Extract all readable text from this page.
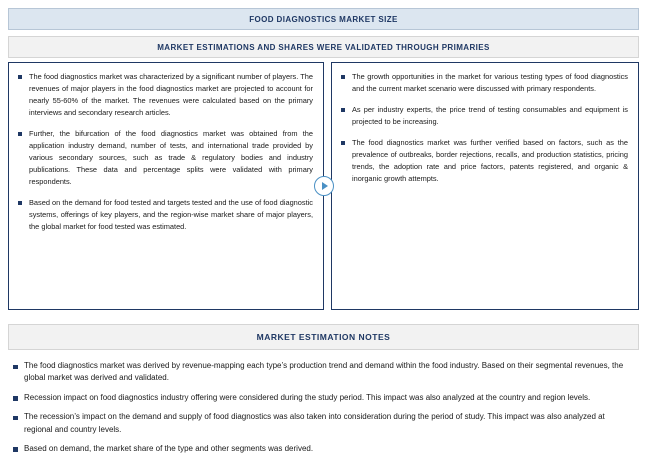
FOOD DIAGNOSTICS MARKET SIZE
MARKET ESTIMATIONS AND SHARES WERE VALIDATED THROUGH PRIMARIES
The food diagnostics market was characterized by a significant number of players. The revenues of major players in the food diagnostics market are projected to account for nearly 55-60% of the market. The revenues were calculated based on the primary interviews and secondary research articles.
Further, the bifurcation of the food diagnostics market was obtained from the application industry demand, number of tests, and international trade provided by various secondary sources, such as trade & regulatory bodies and industry publications. These data and percentage splits were validated with primary respondents.
Based on the demand for food tested and targets tested and the use of food diagnostic systems, offerings of key players, and the region-wise market share of major players, the global market for food tested was estimated.
The growth opportunities in the market for various testing types of food diagnostics and the current market scenario were discussed with primary respondents.
As per industry experts, the price trend of testing consumables and equipment is projected to be increasing.
The food diagnostics market was further verified based on factors, such as the prevalence of outbreaks, border rejections, recalls, and production statistics, pricing trends, the adoption rate and price factors, patents registered, and organic & inorganic growth attempts.
MARKET ESTIMATION NOTES
The food diagnostics market was derived by revenue-mapping each type’s production trend and demand within the food industry. Based on their segmental revenues, the global market was derived and validated.
Recession impact on food diagnostics industry offering were considered during the study period. This impact was also analyzed at the country and region levels.
The recession’s impact on the demand and supply of food diagnostics was also taken into consideration during the period of study. This impact was also analyzed at regional and country levels.
Based on demand, the market share of the type and other segments was derived.
